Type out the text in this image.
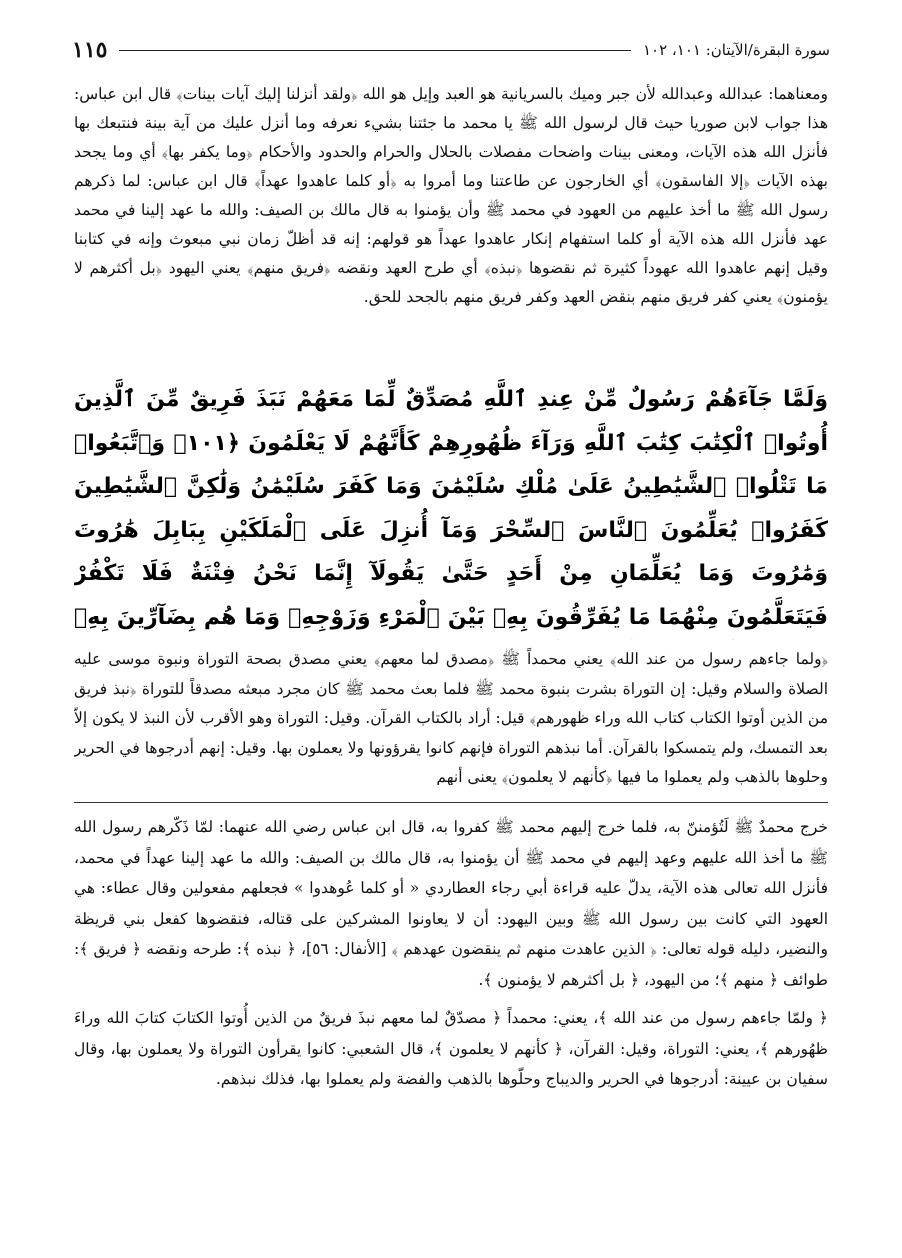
سورة البقرة/الآيتان: ١٠١، ١٠٢
١١٥

ومعناهما: عبدالله وعبدالله لأن جبر وميك بالسريانية هو العبد وإيل هو الله ﴿ولقد أنزلنا إليك آيات بينات﴾ قال ابن عباس: هذا جواب لابن صوريا حيث قال لرسول الله ﷺ يا محمد ما جئتنا بشيء نعرفه وما أنزل عليك من آية بينة فنتبعك بها فأنزل الله هذه الآيات، ومعنى بينات واضحات مفصلات بالحلال والحرام والحدود والأحكام ﴿وما يكفر بها﴾ أي وما يجحد بهذه الآيات ﴿إلا الفاسقون﴾ أي الخارجون عن طاعتنا وما أمروا به ﴿أو كلما عاهدوا عهداً﴾ قال ابن عباس: لما ذكرهم رسول الله ﷺ ما أخذ عليهم من العهود في محمد ﷺ وأن يؤمنوا به قال مالك بن الصيف: والله ما عهد إلينا في محمد عهد فأنزل الله هذه الآية أو كلما استفهام إنكار عاهدوا عهداً هو قولهم: إنه قد أظلّ زمان نبي مبعوث وإنه في كتابنا وقيل إنهم عاهدوا الله عهوداً كثيرة ثم نقضوها ﴿نبذه﴾ أي طرح العهد ونقضه ﴿فريق منهم﴾ يعني اليهود ﴿بل أكثرهم لا يؤمنون﴾ يعني كفر فريق منهم بنقض العهد وكفر فريق منهم بالجحد للحق.

وَلَمَّا جَآءَهُمْ رَسُولٌ مِّنْ عِندِ ٱللَّهِ مُصَدِّقٌ لِّمَا مَعَهُمْ نَبَذَ فَرِيقٌ مِّنَ ٱلَّذِينَ أُوتُوا۟ ٱلْكِتَٰبَ كِتَٰبَ ٱللَّهِ وَرَآءَ ظُهُورِهِمْ كَأَنَّهُمْ لَا يَعْلَمُونَ ﴿١٠١﴾ وَٱتَّبَعُوا۟ مَا تَتْلُوا۟ ٱلشَّيَٰطِينُ عَلَىٰ مُلْكِ سُلَيْمَٰنَ وَمَا كَفَرَ سُلَيْمَٰنُ وَلَٰكِنَّ ٱلشَّيَٰطِينَ كَفَرُوا۟ يُعَلِّمُونَ ٱلنَّاسَ ٱلسِّحْرَ وَمَآ أُنزِلَ عَلَى ٱلْمَلَكَيْنِ بِبَابِلَ هَٰرُوتَ وَمَٰرُوتَ وَمَا يُعَلِّمَانِ مِنْ أَحَدٍ حَتَّىٰ يَقُولَآ إِنَّمَا نَحْنُ فِتْنَةٌ فَلَا تَكْفُرْ فَيَتَعَلَّمُونَ مِنْهُمَا مَا يُفَرِّقُونَ بِهِۦ بَيْنَ ٱلْمَرْءِ وَزَوْجِهِۦ وَمَا هُم بِضَآرِّينَ بِهِۦ

﴿ولما جاءهم رسول من عند الله﴾ يعني محمداً ﷺ ﴿مصدق لما معهم﴾ يعني مصدق بصحة التوراة ونبوة موسى عليه الصلاة والسلام وقيل: إن التوراة بشرت بنبوة محمد ﷺ فلما بعث محمد ﷺ كان مجرد مبعثه مصدقاً للتوراة ﴿نبذ فريق من الذين أوتوا الكتاب كتاب الله وراء ظهورهم﴾ قيل: أراد بالكتاب القرآن. وقيل: التوراة وهو الأقرب لأن النبذ لا يكون إلاّ بعد التمسك، ولم يتمسكوا بالقرآن. أما نبذهم التوراة فإنهم كانوا يقرؤونها ولا يعملون بها. وقيل: إنهم أدرجوها في الحرير وحلوها بالذهب ولم يعملوا ما فيها ﴿كأنهم لا يعلمون﴾ يعني أنهم

خرج محمدٌ ﷺ لَتُؤمننّ به، فلما خرج إليهم محمد ﷺ كفروا به، قال ابن عباس رضي الله عنهما: لمّا ذَكّرهم رسول الله ﷺ ما أخذ الله عليهم وعهد إليهم في محمد ﷺ أن يؤمنوا به، قال مالك بن الصيف: والله ما عهد إلينا عهداً في محمد، فأنزل الله تعالى هذه الآية، يدلّ عليه قراءة أبي رجاء العطاردي « أو كلما عُوهدوا » فجعلهم مفعولين وقال عطاء: هي العهود التي كانت بين رسول الله ﷺ وبين اليهود: أن لا يعاونوا المشركين على قتاله، فنقضوها كفعل بني قريظة والنضير، دليله قوله تعالى: ﴿ الذين عاهدت منهم ثم ينقضون عهدهم ﴾ [الأنفال: ٥٦]، ﴿ نبذه ﴾: طرحه ونقضه ﴿ فريق ﴾: طوائف ﴿ منهم ﴾؛ من اليهود، ﴿ بل أكثرهم لا يؤمنون ﴾.

﴿ ولمّا جاءهم رسول من عند الله ﴾، يعني: محمداً ﴿ مصدّقٌ لما معهم نبذَ فريقٌ من الذين أُوتوا الكتابَ كتابَ الله وراءَ ظهُورهم ﴾، يعني: التوراة، وقيل: القرآن، ﴿ كأنهم لا يعلمون ﴾، قال الشعبي: كانوا يقرأون التوراة ولا يعملون بها، وقال سفيان بن عيينة: أدرجوها في الحرير والديباج وحلّوها بالذهب والفضة ولم يعملوا بها، فذلك نبذهم.
